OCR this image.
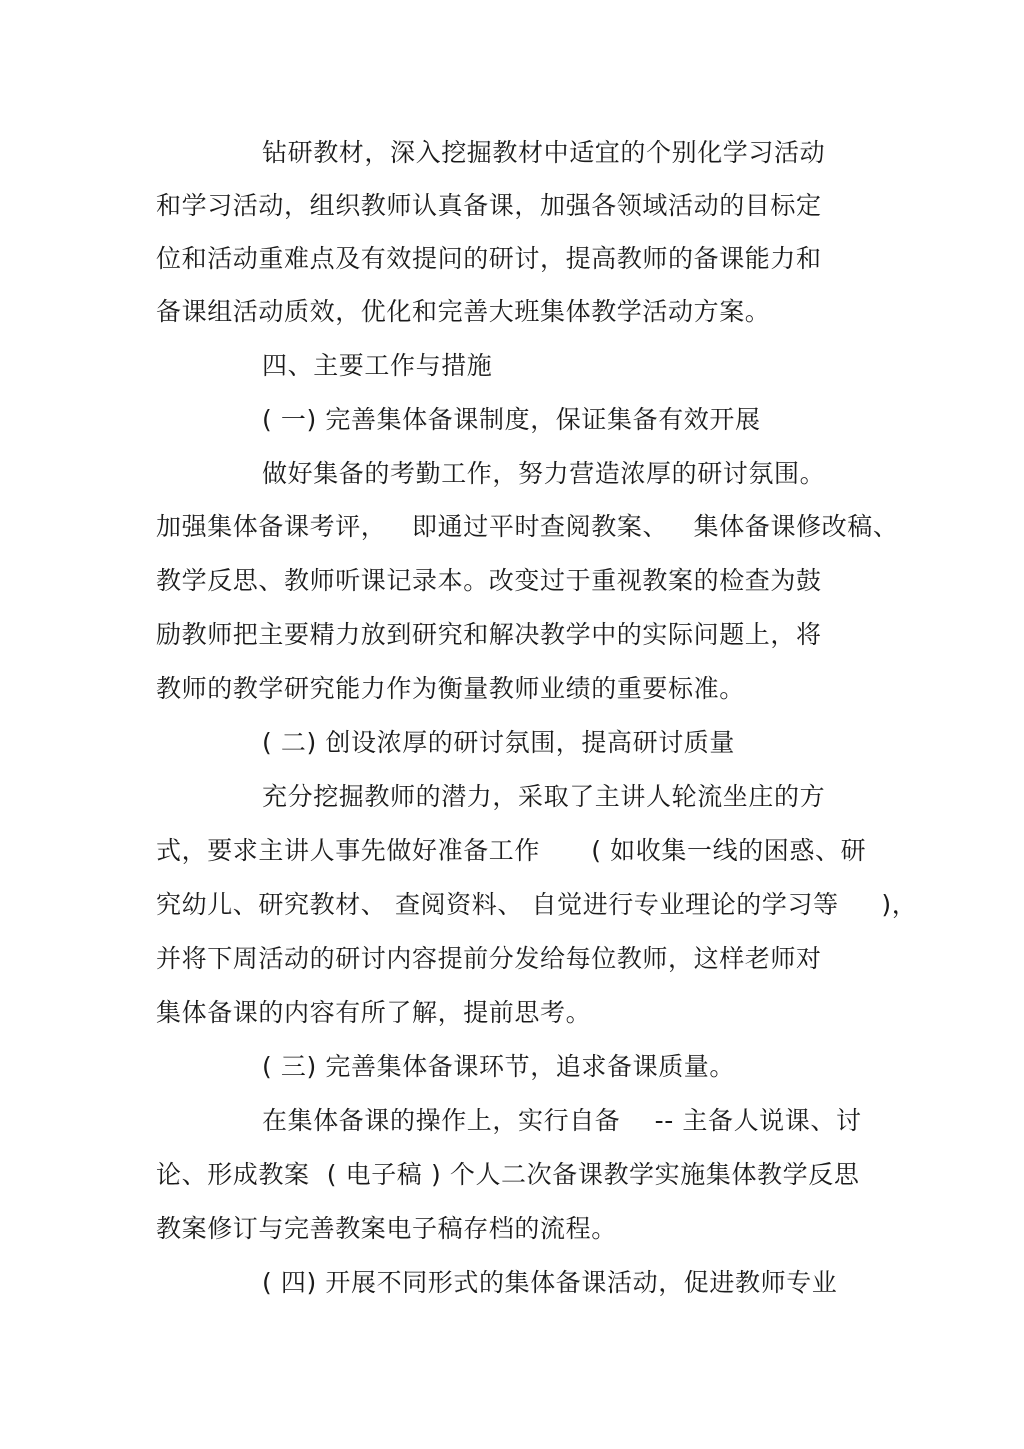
钻研教材，深入挖掘教材中适宜的个别化学习活动
和学习活动，组织教师认真备课，加强各领域活动的目标定
位和活动重难点及有效提问的研讨，提高教师的备课能力和
备课组活动质效，优化和完善大班集体教学活动方案。
四、主要工作与措施
( 一) 完善集体备课制度，保证集备有效开展
做好集备的考勤工作，努力营造浓厚的研讨氛围。
加强集体备课考评，   即通过平时查阅教案、   集体备课修改稿、
教学反思、教师听课记录本。改变过于重视教案的检查为鼓
励教师把主要精力放到研究和解决教学中的实际问题上，将
教师的教学研究能力作为衡量教师业绩的重要标准。
( 二) 创设浓厚的研讨氛围，提高研讨质量
充分挖掘教师的潜力，采取了主讲人轮流坐庄的方
式，要求主讲人事先做好准备工作      ( 如收集一线的困惑、研
究幼儿、研究教材、 查阅资料、 自觉进行专业理论的学习等     )，
并将下周活动的研讨内容提前分发给每位教师，这样老师对
集体备课的内容有所了解，提前思考。
( 三) 完善集体备课环节，追求备课质量。
在集体备课的操作上，实行自备    -- 主备人说课、讨
论、形成教案  ( 电子稿 ) 个人二次备课教学实施集体教学反思
教案修订与完善教案电子稿存档的流程。
( 四) 开展不同形式的集体备课活动，促进教师专业
